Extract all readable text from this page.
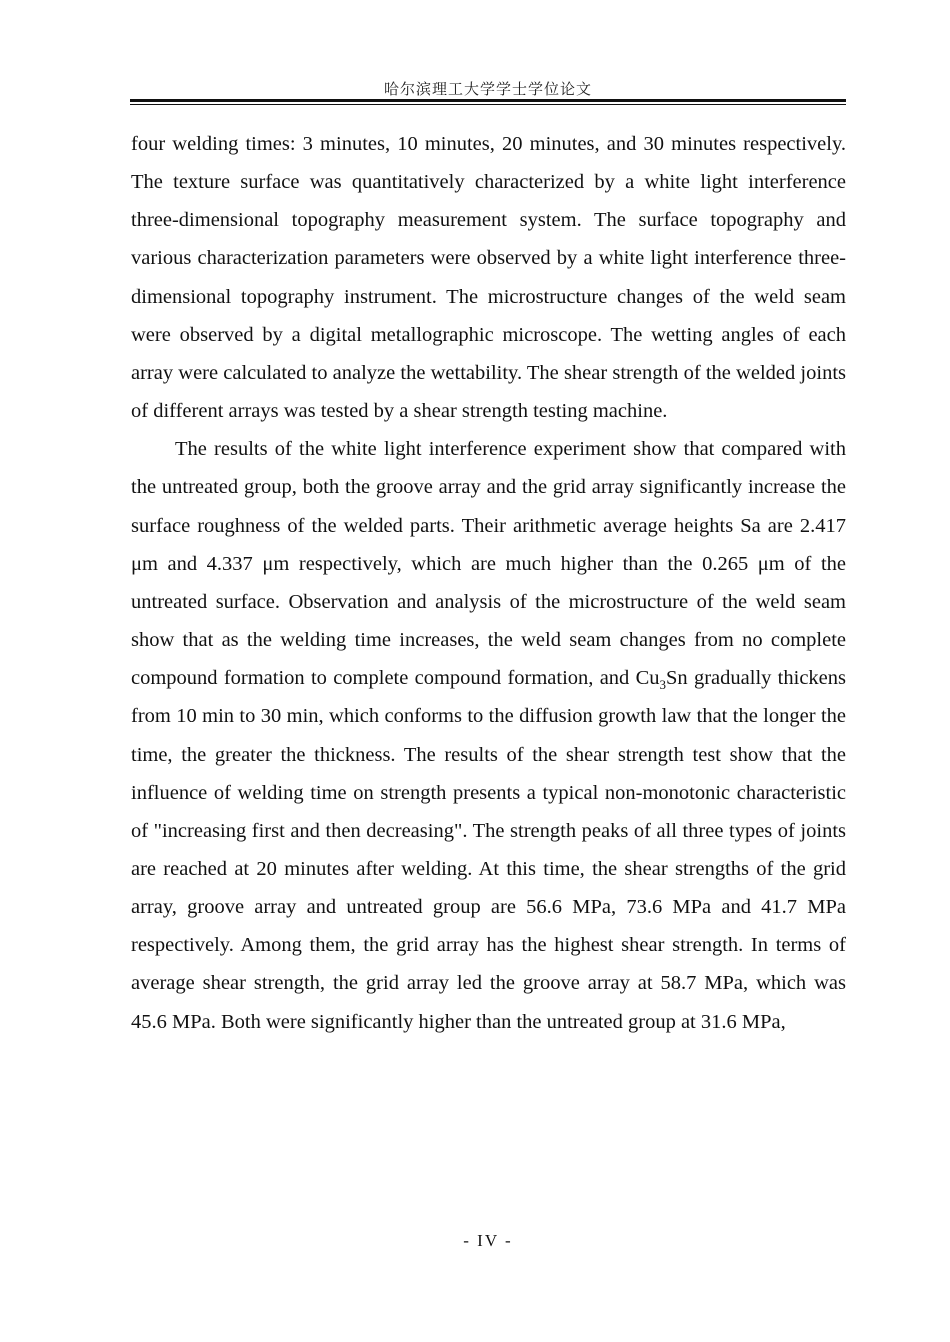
哈尔滨理工大学学士学位论文

four welding times: 3 minutes, 10 minutes, 20 minutes, and 30 minutes respectively. The texture surface was quantitatively characterized by a white light interference three-dimensional topography measurement system. The surface topography and various characterization parameters were observed by a white light interference three-dimensional topography instrument. The microstructure changes of the weld seam were observed by a digital metallographic microscope. The wetting angles of each array were calculated to analyze the wettability. The shear strength of the welded joints of different arrays was tested by a shear strength testing machine.

The results of the white light interference experiment show that compared with the untreated group, both the groove array and the grid array significantly increase the surface roughness of the welded parts. Their arithmetic average heights Sa are 2.417 μm and 4.337 μm respectively, which are much higher than the 0.265 μm of the untreated surface. Observation and analysis of the microstructure of the weld seam show that as the welding time increases, the weld seam changes from no complete compound formation to complete compound formation, and $Cu_3Sn$ gradually thickens from 10 min to 30 min, which conforms to the diffusion growth law that the longer the time, the greater the thickness. The results of the shear strength test show that the influence of welding time on strength presents a typical non-monotonic characteristic of "increasing first and then decreasing". The strength peaks of all three types of joints are reached at 20 minutes after welding. At this time, the shear strengths of the grid array, groove array and untreated group are 56.6 MPa, 73.6 MPa and 41.7 MPa respectively. Among them, the grid array has the highest shear strength. In terms of average shear strength, the grid array led the groove array at 58.7 MPa, which was 45.6 MPa. Both were significantly higher than the untreated group at 31.6 MPa,

- IV -
